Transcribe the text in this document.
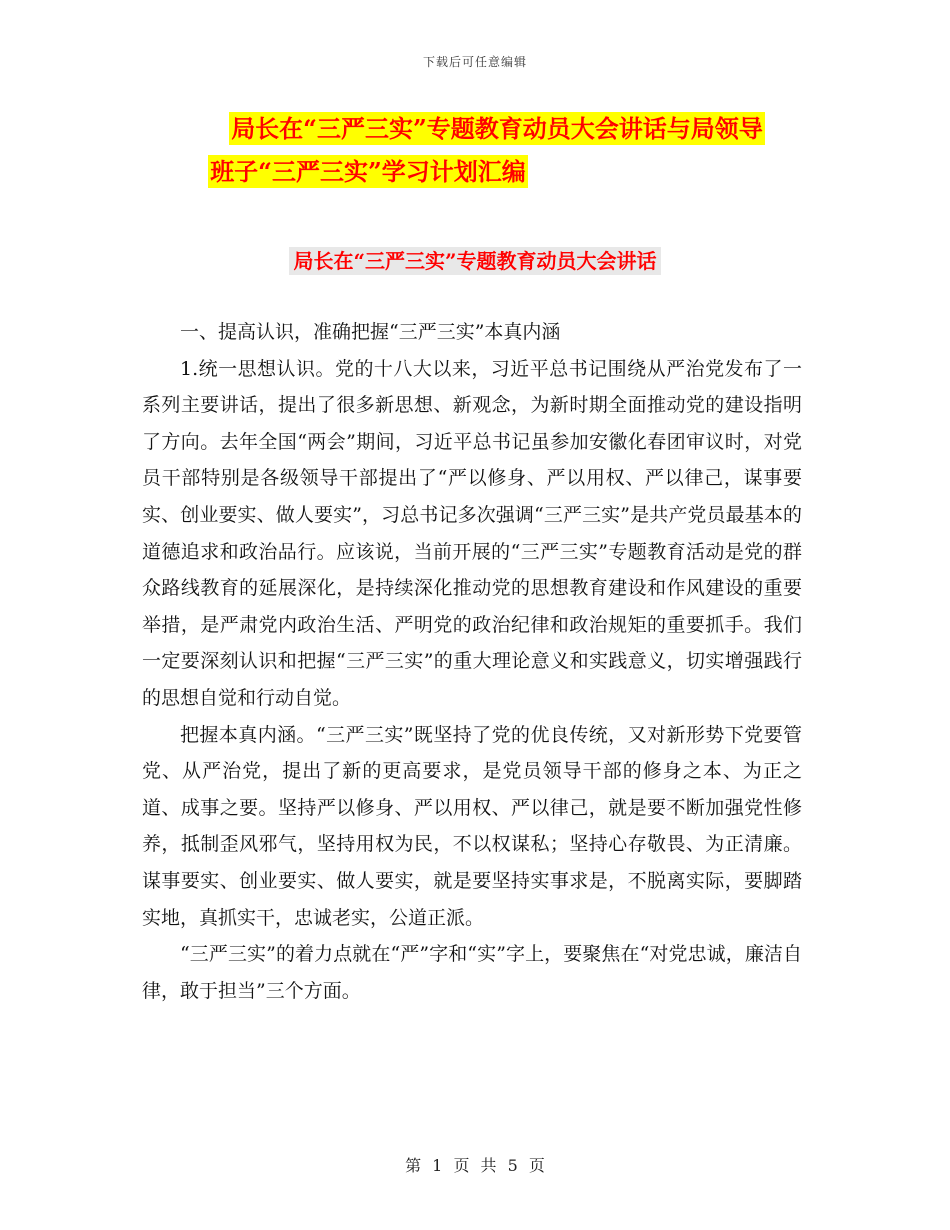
下载后可任意编辑
局长在“三严三实”专题教育动员大会讲话与局领导
班子“三严三实”学习计划汇编
局长在“三严三实”专题教育动员大会讲话

一、提高认识，准确把握“三严三实”本真内涵

1.统一思想认识。党的十八大以来，习近平总书记围绕从严治党发布了一系列主要讲话，提出了很多新思想、新观念，为新时期全面推动党的建设指明了方向。去年全国“两会”期间，习近平总书记虽参加安徽化春团审议时，对党员干部特别是各级领导干部提出了“严以修身、严以用权、严以律己，谋事要实、创业要实、做人要实”，习总书记多次强调“三严三实”是共产党员最基本的道德追求和政治品行。应该说，当前开展的“三严三实”专题教育活动是党的群众路线教育的延展深化，是持续深化推动党的思想教育建设和作风建设的重要举措，是严肃党内政治生活、严明党的政治纪律和政治规矩的重要抓手。我们一定要深刻认识和把握“三严三实”的重大理论意义和实践意义，切实增强践行的思想自觉和行动自觉。

把握本真内涵。“三严三实”既坚持了党的优良传统，又对新形势下党要管党、从严治党，提出了新的更高要求，是党员领导干部的修身之本、为正之道、成事之要。坚持严以修身、严以用权、严以律己，就是要不断加强党性修养，抵制歪风邪气，坚持用权为民，不以权谋私；坚持心存敬畏、为正清廉。谋事要实、创业要实、做人要实，就是要坚持实事求是，不脱离实际，要脚踏实地，真抓实干，忠诚老实，公道正派。

“三严三实”的着力点就在“严”字和“实”字上，要聚焦在“对党忠诚，廉洁自律，敢于担当”三个方面。

第 1 页 共 5 页
